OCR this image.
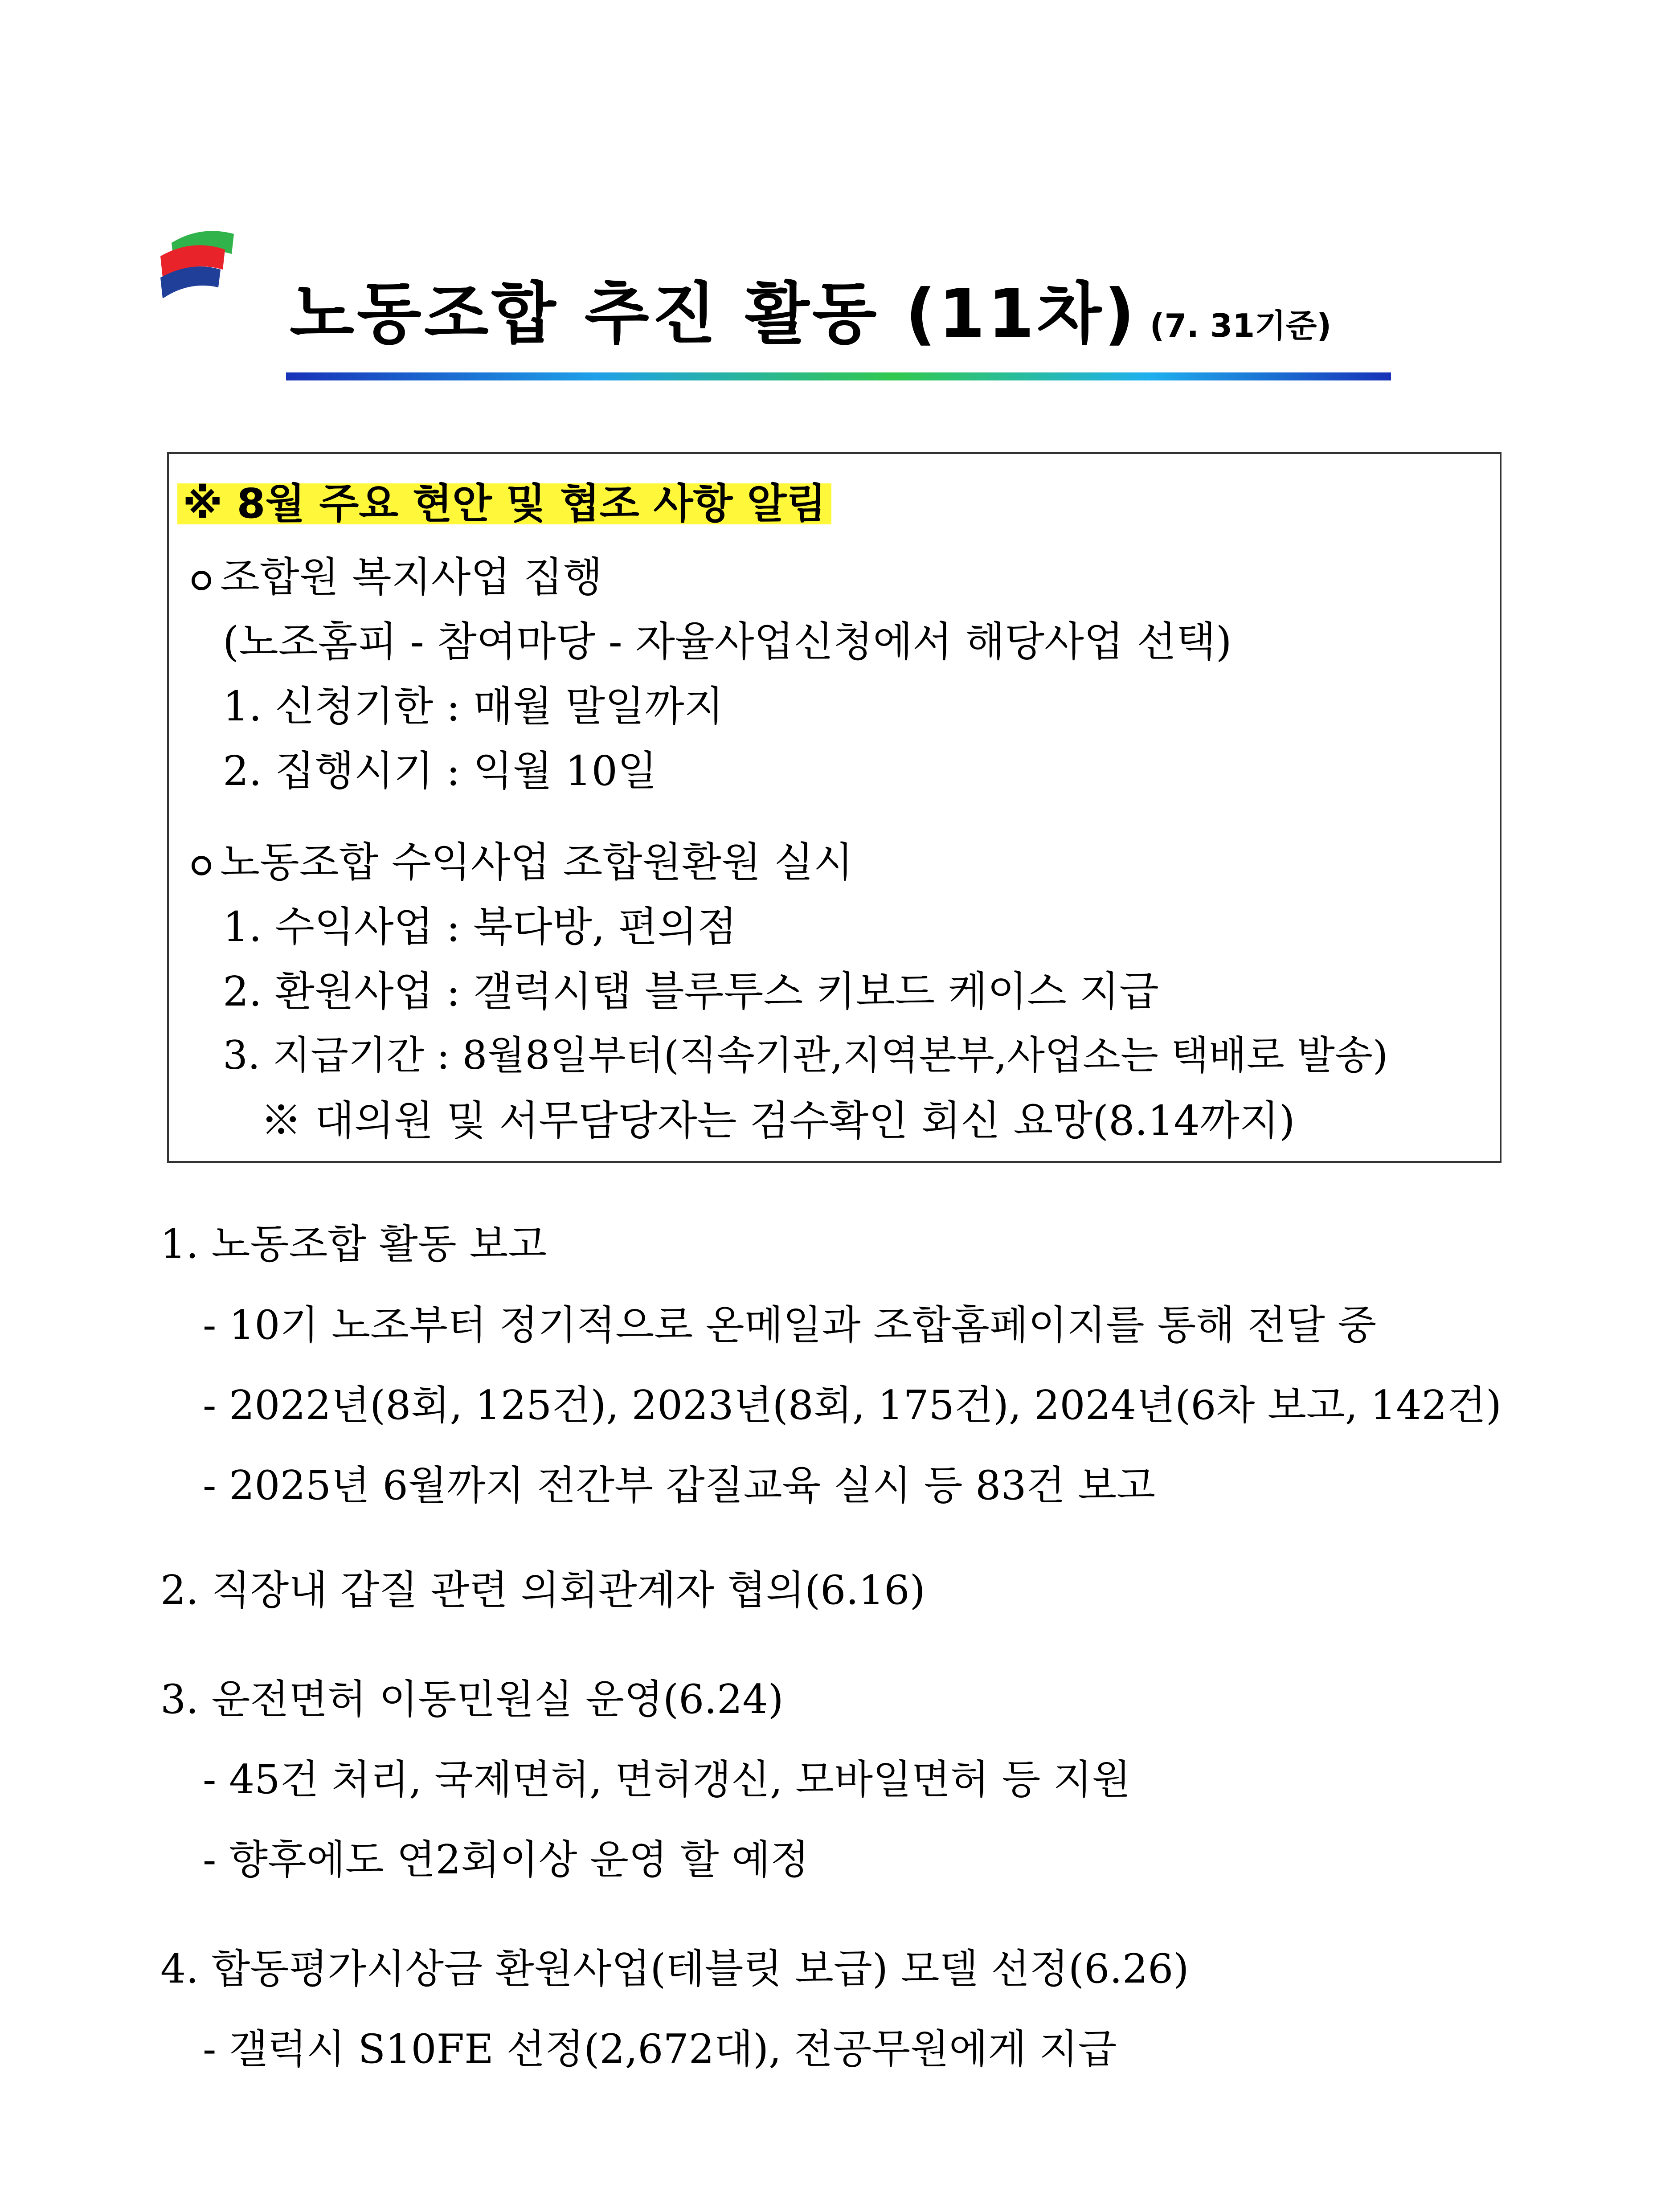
노동조합 추진 활동 (11차) (7. 31기준)
※ 8월 주요 현안 및 협조 사항 알림
조합원 복지사업 집행
(노조홈피 - 참여마당 - 자율사업신청에서 해당사업 선택)
1. 신청기한 : 매월 말일까지
2. 집행시기 : 익월 10일
노동조합 수익사업 조합원환원 실시
1. 수익사업 : 북다방, 편의점
2. 환원사업 : 갤럭시탭 블루투스 키보드 케이스 지급
3. 지급기간 : 8월8일부터(직속기관,지역본부,사업소는 택배로 발송)
※ 대의원 및 서무담당자는 검수확인 회신 요망(8.14까지)
1. 노동조합 활동 보고
- 10기 노조부터 정기적으로 온메일과 조합홈페이지를 통해 전달 중
- 2022년(8회, 125건), 2023년(8회, 175건), 2024년(6차 보고, 142건)
- 2025년 6월까지 전간부 갑질교육 실시 등 83건 보고
2. 직장내 갑질 관련 의회관계자 협의(6.16)
3. 운전면허 이동민원실 운영(6.24)
- 45건 처리, 국제면허, 면허갱신, 모바일면허 등 지원
- 향후에도 연2회이상 운영 할 예정
4. 합동평가시상금 환원사업(테블릿 보급) 모델 선정(6.26)
- 갤럭시 S10FE 선정(2,672대), 전공무원에게 지급
